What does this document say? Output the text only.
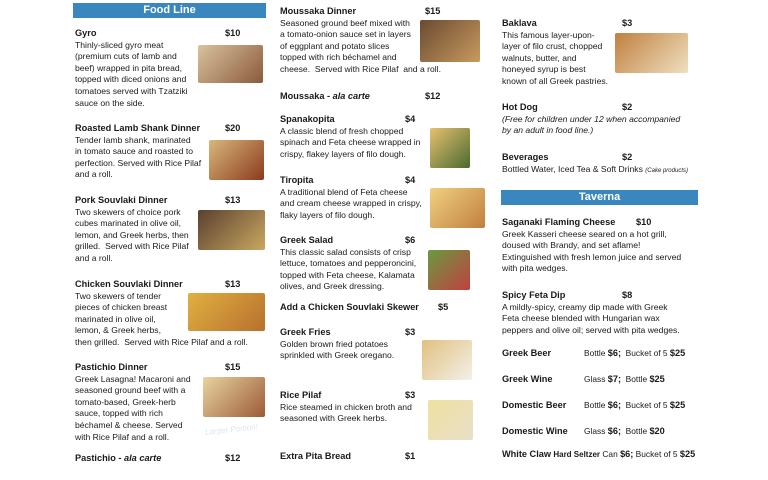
Food Line
Taverna
Gyro	$10
Thinly-sliced gyro meat
(premium cuts of lamb and
beef) wrapped in pita bread,
topped with diced onions and
tomatoes served with Tzatziki
sauce on the side.
Roasted Lamb Shank Dinner	$20
Tender lamb shank, marinated
in tomato sauce and roasted to
perfection. Served with Rice Pilaf
and a roll.
Pork Souvlaki Dinner	$13
Two skewers of choice pork
cubes marinated in olive oil,
lemon, and Greek herbs, then
grilled.  Served with Rice Pilaf
and a roll.
Chicken Souvlaki Dinner	$13
Two skewers of tender
pieces of chicken breast
marinated in olive oil,
lemon, & Greek herbs,
then grilled.  Served with Rice Pilaf and a roll.
Pastichio Dinner	$15
Greek Lasagna! Macaroni and
seasoned ground beef with a
tomato-based, Greek-herb
sauce, topped with rich
béchamel & cheese. Served
with Rice Pilaf and a roll.
Pastichio - ala carte	$12
Moussaka Dinner	$15
Seasoned ground beef mixed with
a tomato-onion sauce set in layers
of eggplant and potato slices
topped with rich béchamel and
cheese.  Served with Rice Pilaf  and a roll.
Moussaka - ala carte	$12
Spanakopita	$4
A classic blend of fresh chopped
spinach and Feta cheese wrapped in
crispy, flakey layers of filo dough.
Tiropita	$4
A traditional blend of Feta cheese
and cream cheese wrapped in crispy,
flaky layers of filo dough.
Greek Salad	$6
This classic salad consists of crisp
lettuce, tomatoes and pepperoncini,
topped with Feta cheese, Kalamata
olives, and Greek dressing.
Add a Chicken Souvlaki Skewer	$5
Greek Fries	$3
Golden brown fried potatoes
sprinkled with Greek oregano.
Rice Pilaf	$3
Rice steamed in chicken broth and
seasoned with Greek herbs.
Extra Pita Bread	$1
Baklava	$3
This famous layer-upon-
layer of filo crust, chopped
walnuts, butter, and
honeyed syrup is best
known of all Greek pastries.
Hot Dog	$2
(Free for children under 12 when accompanied
by an adult in food line.)
Beverages	$2
Bottled Water, Iced Tea & Soft Drinks (Cake products)
Saganaki Flaming Cheese	$10
Greek Kasseri cheese seared on a hot grill,
doused with Brandy, and set aflame!
Extinguished with fresh lemon juice and served
with pita wedges.
Spicy Feta Dip	$8
A mildly-spicy, creamy dip made with Greek
Feta cheese blended with Hungarian wax
peppers and olive oil; served with pita wedges.
Larger Portion!
Greek Beer	Bottle $6;  Bucket of 5 $25
Greek Wine	Glass $7;  Bottle $25
Domestic Beer Bottle $6;  Bucket of 5 $25
Domestic Wine Glass $6;  Bottle $20
White Claw Hard Seltzer Can $6; Bucket of 5 $25
